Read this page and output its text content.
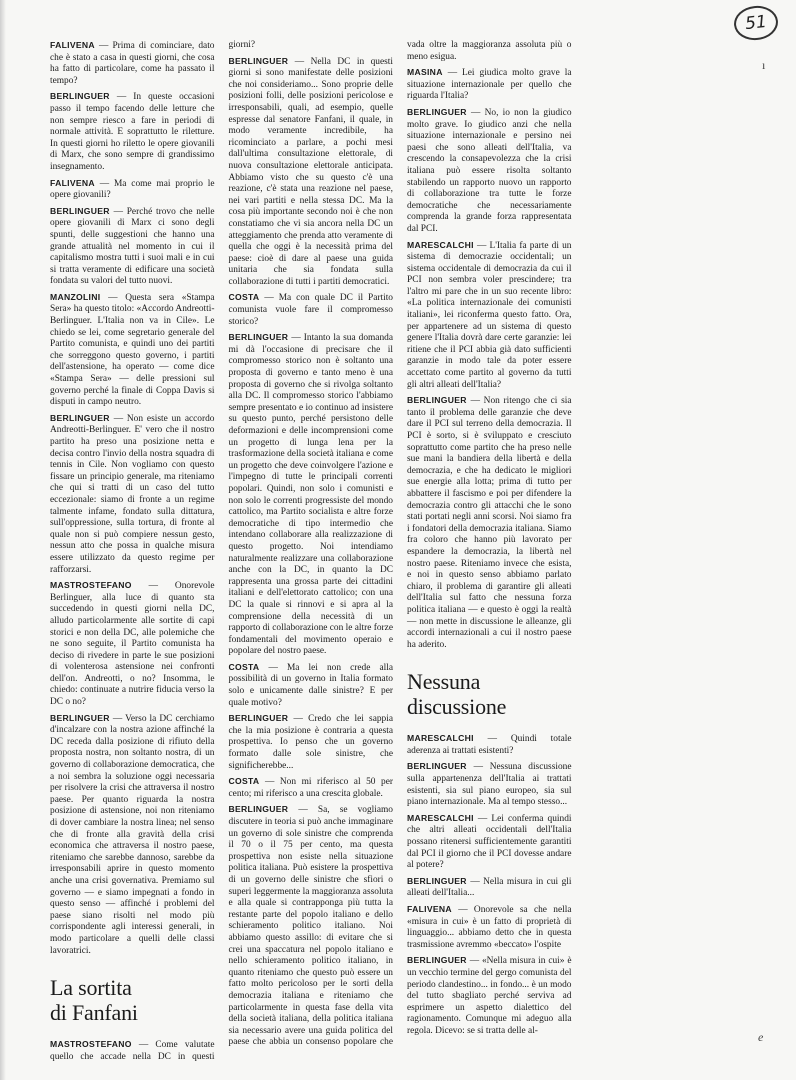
51
ı

FALIVENA — Prima di cominciare, dato che è stato a casa in questi giorni, che cosa ha fatto di particolare, come ha passato il tempo?

BERLINGUER — In queste occasioni passo il tempo facendo delle letture che non sempre riesco a fare in periodi di normale attività. E soprattutto le riletture. In questi giorni ho riletto le opere giovanili di Marx, che sono sempre di grandissimo insegnamento.

FALIVENA — Ma come mai proprio le opere giovanili?

BERLINGUER — Perché trovo che nelle opere giovanili di Marx ci sono degli spunti, delle suggestioni che hanno una grande attualità nel momento in cui il capitalismo mostra tutti i suoi mali e in cui si tratta veramente di edificare una società fondata su valori del tutto nuovi.

MANZOLINI — Questa sera «Stampa Sera» ha questo titolo: «Accordo Andreotti-Berlinguer. L'Italia non va in Cile». Le chiedo se lei, come segretario generale del Partito comunista, e quindi uno dei partiti che sorreggono questo governo, i partiti dell'astensione, ha operato — come dice «Stampa Sera» — delle pressioni sul governo perché la finale di Coppa Davis si disputi in campo neutro.

BERLINGUER — Non esiste un accordo Andreotti-Berlinguer. E' vero che il nostro partito ha preso una posizione netta e decisa contro l'invio della nostra squadra di tennis in Cile. Non vogliamo con questo fissare un principio generale, ma riteniamo che qui si tratti di un caso del tutto eccezionale: siamo di fronte a un regime talmente infame, fondato sulla dittatura, sull'oppressione, sulla tortura, di fronte al quale non si può compiere nessun gesto, nessun atto che possa in qualche misura essere utilizzato da questo regime per rafforzarsi.

MASTROSTEFANO — Onorevole Berlinguer, alla luce di quanto sta succedendo in questi giorni nella DC, alludo particolarmente alle sortite di capi storici e non della DC, alle polemiche che ne sono seguite, il Partito comunista ha deciso di rivedere in parte le sue posizioni di volenterosa astensione nei confronti dell'on. Andreotti, o no? Insomma, le chiedo: continuate a nutrire fiducia verso la DC o no?

BERLINGUER — Verso la DC cerchiamo d'incalzare con la nostra azione affinché la DC receda dalla posizione di rifiuto della proposta nostra, non soltanto nostra, di un governo di collaborazione democratica, che a noi sembra la soluzione oggi necessaria per risolvere la crisi che attraversa il nostro paese. Per quanto riguarda la nostra posizione di astensione, noi non riteniamo di dover cambiare la nostra linea; nel senso che di fronte alla gravità della crisi economica che attraversa il nostro paese, riteniamo che sarebbe dannoso, sarebbe da irresponsabili aprire in questo momento anche una crisi governativa. Premiamo sul governo — e siamo impegnati a fondo in questo senso — affinché i problemi del paese siano risolti nel modo più corrispondente agli interessi generali, in modo particolare a quelli delle classi lavoratrici.

La sortita
di Fanfani

MASTROSTEFANO — Come valutate quello che accade nella DC in questi giorni?

BERLINGUER — Nella DC in questi giorni si sono manifestate delle posizioni che noi consideriamo... Sono proprie delle posizioni folli, delle posizioni pericolose e irresponsabili, quali, ad esempio, quelle espresse dal senatore Fanfani, il quale, in modo veramente incredibile, ha ricominciato a parlare, a pochi mesi dall'ultima consultazione elettorale, di nuova consultazione elettorale anticipata. Abbiamo visto che su questo c'è una reazione, c'è stata una reazione nel paese, nei vari partiti e nella stessa DC. Ma la cosa più importante secondo noi è che non constatiamo che vi sia ancora nella DC un atteggiamento che prenda atto veramente di quella che oggi è la necessità prima del paese: cioè di dare al paese una guida unitaria che sia fondata sulla collaborazione di tutti i partiti democratici.

COSTA — Ma con quale DC il Partito comunista vuole fare il compromesso storico?

BERLINGUER — Intanto la sua domanda mi dà l'occasione di precisare che il compromesso storico non è soltanto una proposta di governo e tanto meno è una proposta di governo che si rivolga soltanto alla DC. Il compromesso storico l'abbiamo sempre presentato e io continuo ad insistere su questo punto, perché persistono delle deformazioni e delle incomprensioni come un progetto di lunga lena per la trasformazione della società italiana e come un progetto che deve coinvolgere l'azione e l'impegno di tutte le principali correnti popolari. Quindi, non solo i comunisti e non solo le correnti progressiste del mondo cattolico, ma Partito socialista e altre forze democratiche di tipo intermedio che intendano collaborare alla realizzazione di questo progetto. Noi intendiamo naturalmente realizzare una collaborazione anche con la DC, in quanto la DC rappresenta una grossa parte dei cittadini italiani e dell'elettorato cattolico; con una DC la quale si rinnovi e si apra al la comprensione della necessità di un rapporto di collaborazione con le altre forze fondamentali del movimento operaio e popolare del nostro paese.

COSTA — Ma lei non crede alla possibilità di un governo in Italia formato solo e unicamente dalle sinistre? E per quale motivo?

BERLINGUER — Credo che lei sappia che la mia posizione è contraria a questa prospettiva. Io penso che un governo formato dalle sole sinistre, che significherebbe...

COSTA — Non mi riferisco al 50 per cento; mi riferisco a una crescita globale.

BERLINGUER — Sa, se vogliamo discutere in teoria si può anche immaginare un governo di sole sinistre che comprenda il 70 o il 75 per cento, ma questa prospettiva non esiste nella situazione politica italiana. Può esistere la prospettiva di un governo delle sinistre che sfiori o superi leggermente la maggioranza assoluta e alla quale si contrapponga più tutta la restante parte del popolo italiano e dello schieramento politico italiano. Noi abbiamo questo assillo: di evitare che si crei una spaccatura nel popolo italiano e nello schieramento politico italiano, in quanto riteniamo che questo può essere un fatto molto pericoloso per le sorti della democrazia italiana e riteniamo che particolarmente in questa fase della vita della società italiana, della politica italiana sia necessario avere una guida politica del paese che abbia un consenso popolare che vada oltre la maggioranza assoluta più o meno esigua.

MASINA — Lei giudica molto grave la situazione internazionale per quello che riguarda l'Italia?

BERLINGUER — No, io non la giudico molto grave. Io giudico anzi che nella situazione internazionale e persino nei paesi che sono alleati dell'Italia, va crescendo la consapevolezza che la crisi italiana può essere risolta soltanto stabilendo un rapporto nuovo un rapporto di collaborazione tra tutte le forze democratiche che necessariamente comprenda la grande forza rappresentata dal PCI.

MARESCALCHI — L'Italia fa parte di un sistema di democrazie occidentali; un sistema occidentale di democrazia da cui il PCI non sembra voler prescindere; tra l'altro mi pare che in un suo recente libro: «La politica internazionale dei comunisti italiani», lei riconferma questo fatto. Ora, per appartenere ad un sistema di questo genere l'Italia dovrà dare certe garanzie: lei ritiene che il PCI abbia già dato sufficienti garanzie in modo tale da poter essere accettato come partito al governo da tutti gli altri alleati dell'Italia?

BERLINGUER — Non ritengo che ci sia tanto il problema delle garanzie che deve dare il PCI sul terreno della democrazia. Il PCI è sorto, si è sviluppato e cresciuto soprattutto come partito che ha preso nelle sue mani la bandiera della libertà e della democrazia, e che ha dedicato le migliori sue energie alla lotta; prima di tutto per abbattere il fascismo e poi per difendere la democrazia contro gli attacchi che le sono stati portati negli anni scorsi. Noi siamo fra i fondatori della democrazia italiana. Siamo fra coloro che hanno più lavorato per espandere la democrazia, la libertà nel nostro paese. Riteniamo invece che esista, e noi in questo senso abbiamo parlato chiaro, il problema di garantire gli alleati dell'Italia sul fatto che nessuna forza politica italiana — e questo è oggi la realtà — non mette in discussione le alleanze, gli accordi internazionali a cui il nostro paese ha aderito.

Nessuna
discussione

MARESCALCHI — Quindi totale aderenza ai trattati esistenti?

BERLINGUER — Nessuna discussione sulla appartenenza dell'Italia ai trattati esistenti, sia sul piano europeo, sia sul piano internazionale. Ma al tempo stesso...

MARESCALCHI — Lei conferma quindi che altri alleati occidentali dell'Italia possano ritenersi sufficientemente garantiti dal PCI il giorno che il PCI dovesse andare al potere?

BERLINGUER — Nella misura in cui gli alleati dell'Italia...

FALIVENA — Onorevole sa che nella «misura in cui» è un fatto di proprietà di linguaggio... abbiamo detto che in questa trasmissione avremmo «beccato» l'ospite

BERLINGUER — «Nella misura in cui» è un vecchio termine del gergo comunista del periodo clandestino... in fondo... è un modo del tutto sbagliato perché serviva ad esprimere un aspetto dialettico del ragionamento. Comunque mi adeguo alla regola. Dicevo: se si tratta delle al-	e
